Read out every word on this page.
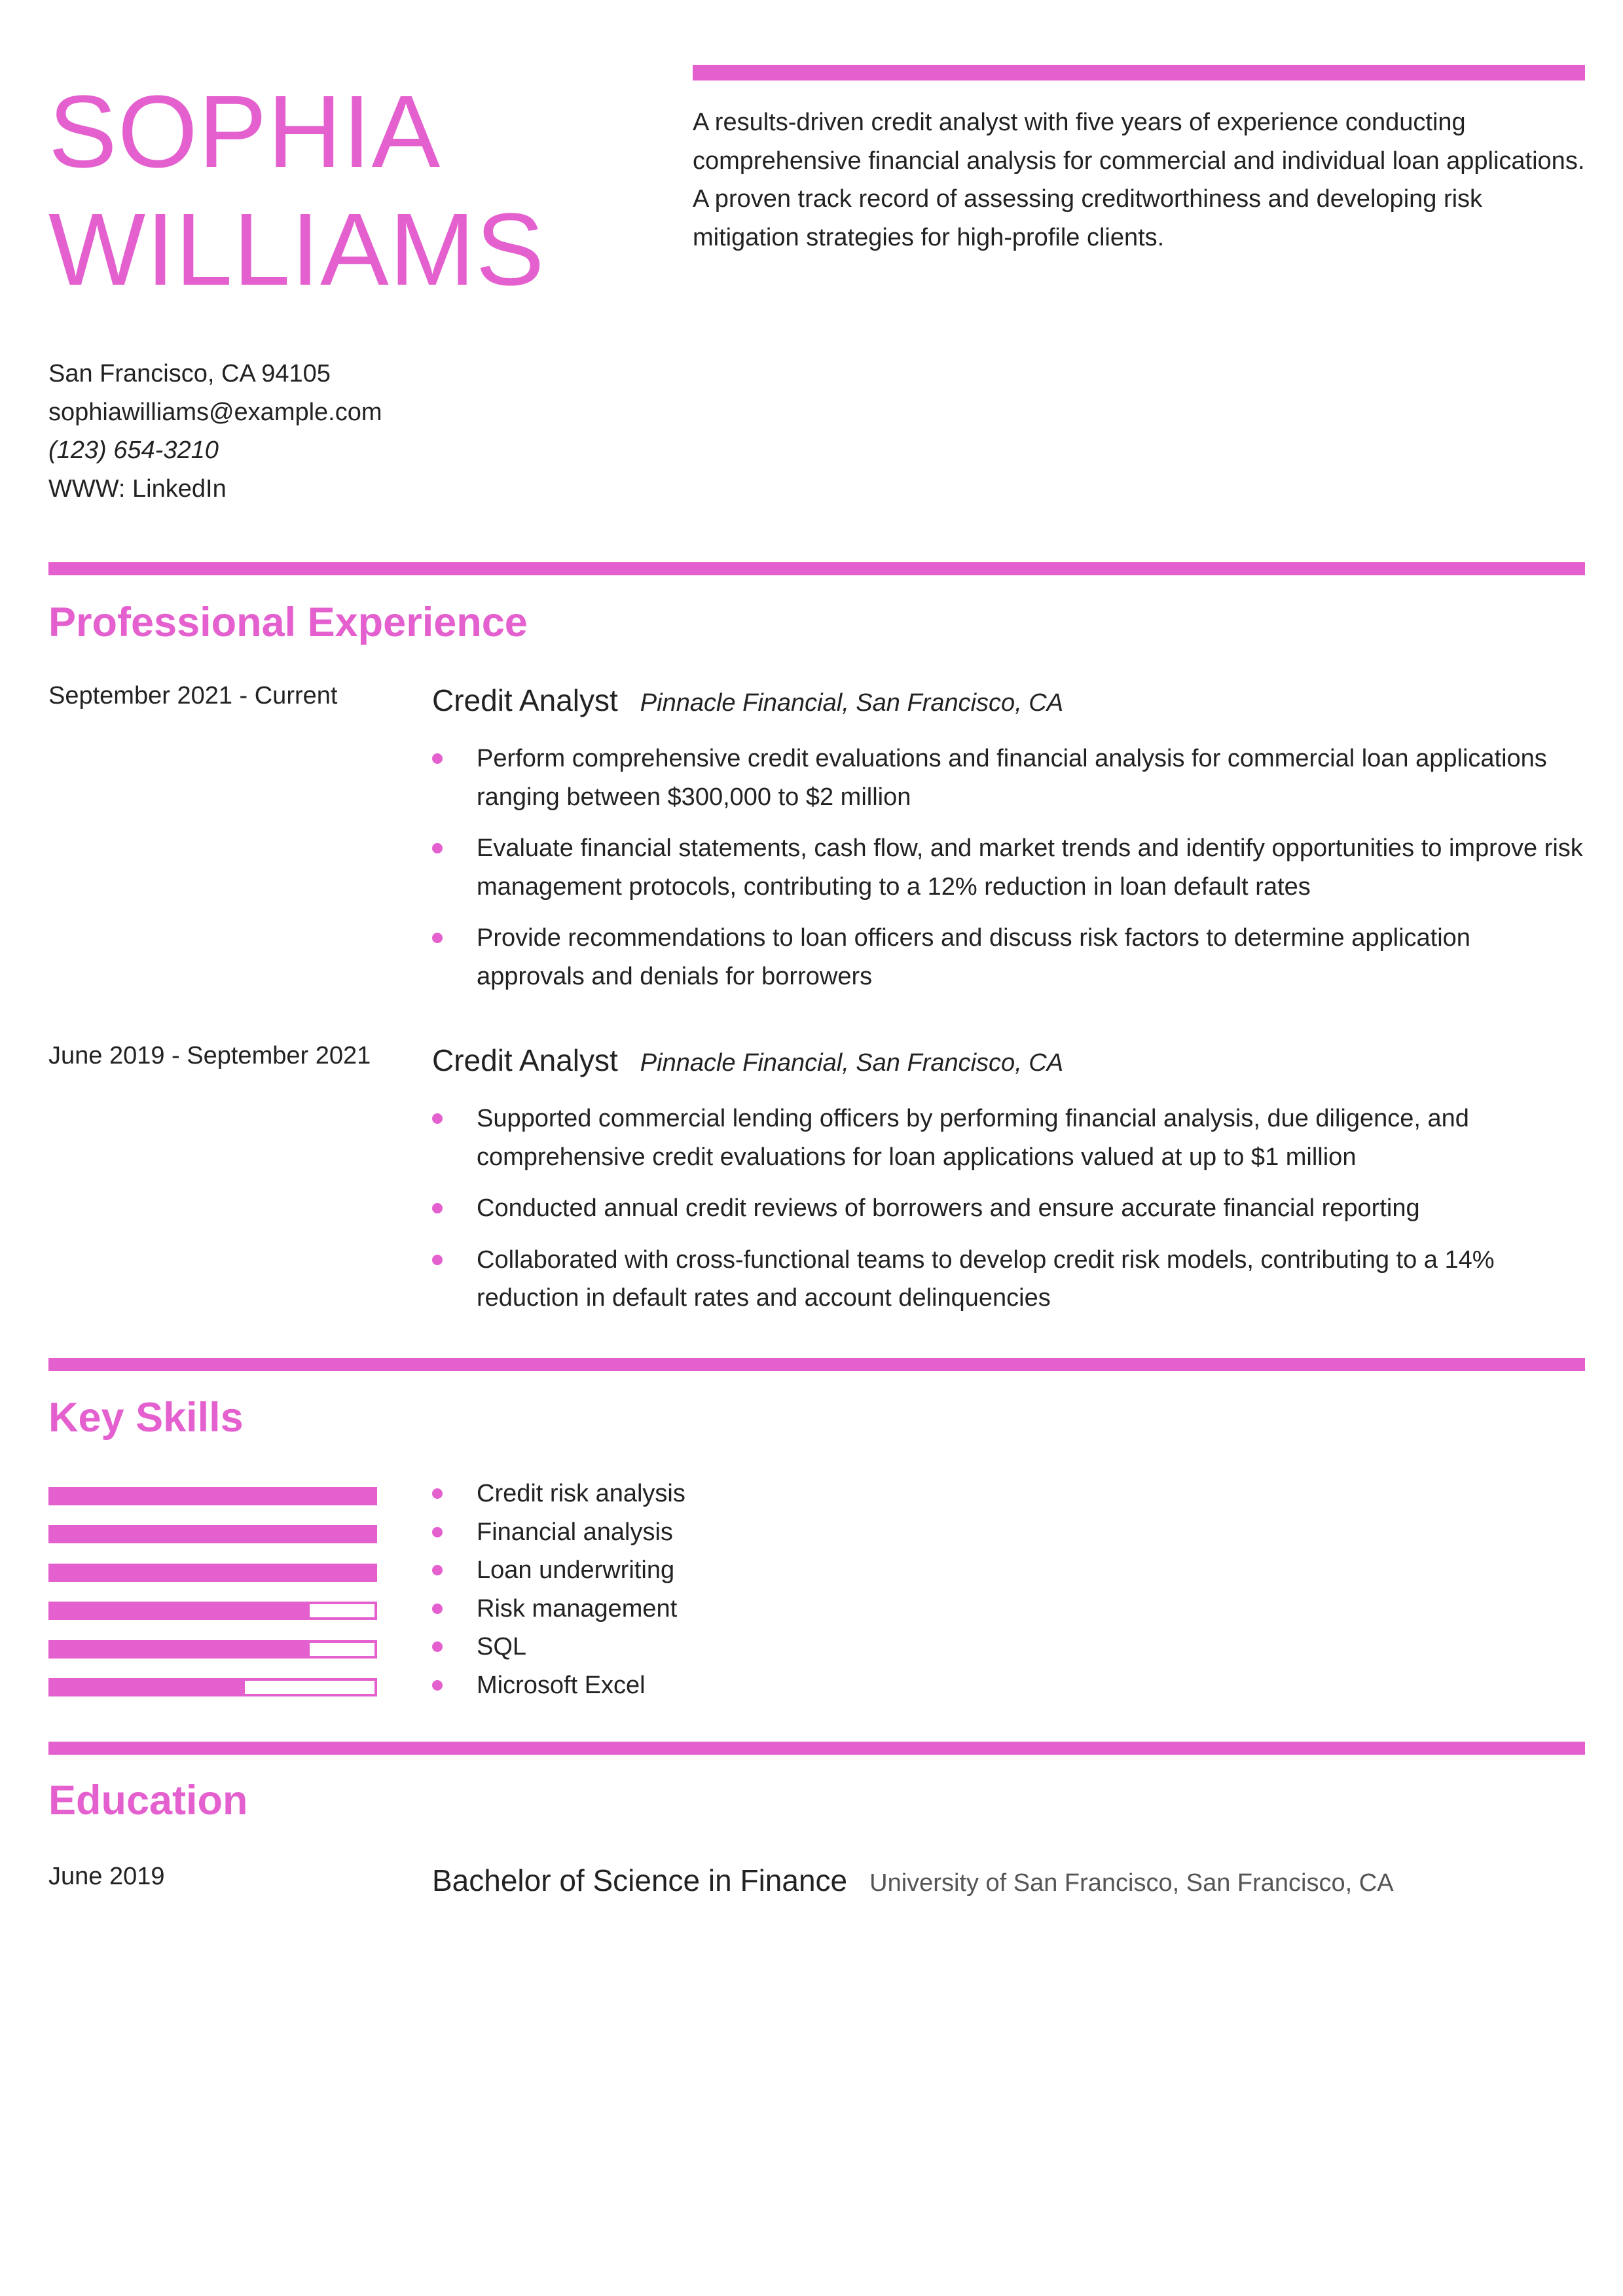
SOPHIA
WILLIAMS

A results-driven credit analyst with five years of experience conducting comprehensive financial analysis for commercial and individual loan applications. A proven track record of assessing creditworthiness and developing risk mitigation strategies for high-profile clients.

San Francisco, CA 94105
sophiawilliams@example.com
(123) 654-3210
WWW: LinkedIn
Professional Experience
September 2021 - Current	Credit Analyst Pinnacle Financial, San Francisco, CA
Perform comprehensive credit evaluations and financial analysis for commercial loan applications ranging between $300,000 to $2 million
Evaluate financial statements, cash flow, and market trends and identify opportunities to improve risk management protocols, contributing to a 12% reduction in loan default rates
Provide recommendations to loan officers and discuss risk factors to determine application approvals and denials for borrowers
June 2019 - September 2021 Credit Analyst Pinnacle Financial, San Francisco, CA
Supported commercial lending officers by performing financial analysis, due diligence, and comprehensive credit evaluations for loan applications valued at up to $1 million
Conducted annual credit reviews of borrowers and ensure accurate financial reporting
Collaborated with cross-functional teams to develop credit risk models, contributing to a 14% reduction in default rates and account delinquencies
Key Skills
Credit risk analysis
Financial analysis
Loan underwriting
Risk management
SQL
Microsoft Excel
Education
June 2019	Bachelor of Science in Finance University of San Francisco, San Francisco, CA
